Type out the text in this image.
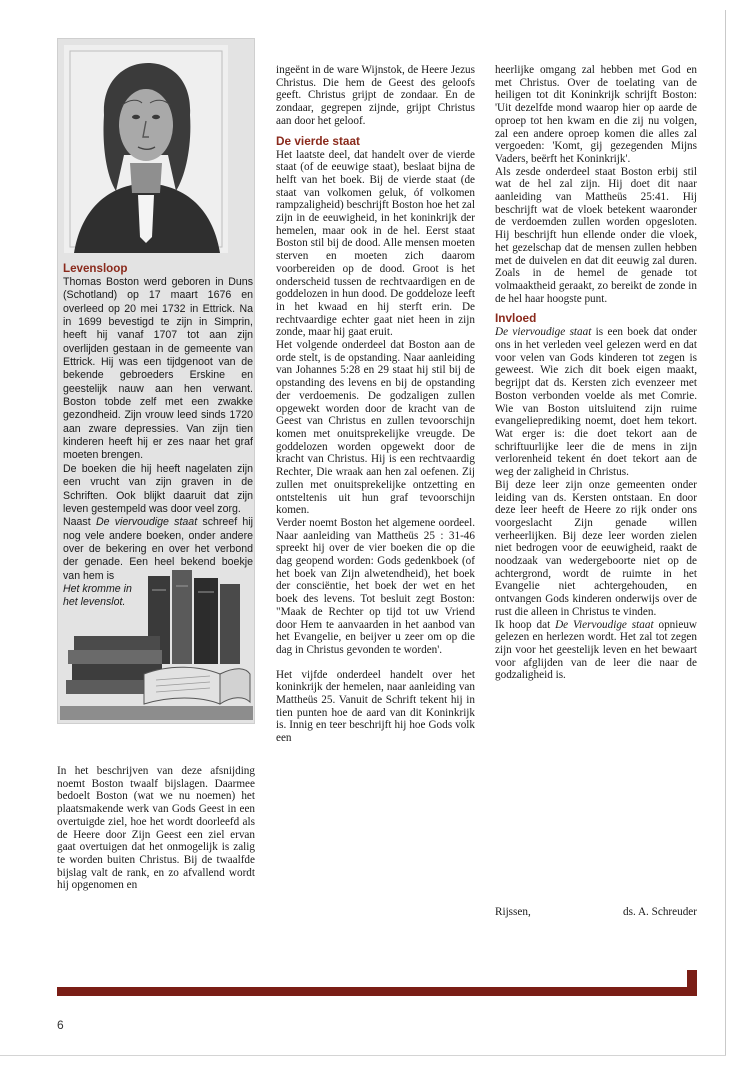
Levensloop

Thomas Boston werd geboren in Duns (Schotland) op 17 maart 1676 en overleed op 20 mei 1732 in Ettrick. Na in 1699 bevestigd te zijn in Simprin, heeft hij vanaf 1707 tot aan zijn overlijden gestaan in de gemeente van Ettrick. Hij was een tijdgenoot van de bekende gebroeders Erskine en geestelijk nauw aan hen verwant. Boston tobde zelf met een zwakke gezondheid. Zijn vrouw leed sinds 1720 aan zware depressies. Van zijn tien kinderen heeft hij er zes naar het graf moeten brengen.

De boeken die hij heeft nagelaten zijn een vrucht van zijn graven in de Schriften. Ook blijkt daaruit dat zijn leven gestempeld was door veel zorg.

Naast De viervoudige staat schreef hij nog vele andere boeken, onder andere over de bekering en over het verbond der genade. Een heel bekend boekje van hem is

Het kromme in

het levenslot.

In het beschrijven van deze afsnijding noemt Boston twaalf bijslagen. Daarmee bedoelt Boston (wat we nu noemen) het plaatsmakende werk van Gods Geest in een overtuigde ziel, hoe het wordt doorleefd als de Heere door Zijn Geest een ziel ervan gaat overtuigen dat het onmogelijk is zalig te worden buiten Christus. Bij de twaalfde bijslag valt de rank, en zo afvallend wordt hij opgenomen en

ingeënt in de ware Wijnstok, de Heere Jezus Christus. Die hem de Geest des geloofs geeft. Christus grijpt de zondaar. En de zondaar, gegrepen zijnde, grijpt Christus aan door het geloof.

De vierde staat

Het laatste deel, dat handelt over de vierde staat (of de eeuwige staat), beslaat bijna de helft van het boek. Bij de vierde staat (de staat van volkomen geluk, óf volkomen rampzaligheid) beschrijft Boston hoe het zal zijn in de eeuwigheid, in het koninkrijk der hemelen, maar ook in de hel. Eerst staat Boston stil bij de dood. Alle mensen moeten sterven en moeten zich daarom voorbereiden op de dood. Groot is het onderscheid tussen de rechtvaardigen en de goddelozen in hun dood. De goddeloze leeft in het kwaad en hij sterft erin. De rechtvaardige echter gaat niet heen in zijn zonde, maar hij gaat eruit.

Het volgende onderdeel dat Boston aan de orde stelt, is de opstanding. Naar aanleiding van Johannes 5:28 en 29 staat hij stil bij de opstanding des levens en bij de opstanding der verdoemenis. De godzaligen zullen opgewekt worden door de kracht van de Geest van Christus en zullen tevoorschijn komen met onuitsprekelijke vreugde. De goddelozen worden opgewekt door de kracht van Christus. Hij is een rechtvaardig Rechter, Die wraak aan hen zal oefenen. Zij zullen met onuitsprekelijke ontzetting en ontsteltenis uit hun graf tevoorschijn komen.

Verder noemt Boston het algemene oordeel. Naar aanleiding van Mattheüs 25 : 31-46 spreekt hij over de vier boeken die op die dag geopend worden: Gods gedenkboek (of het boek van Zijn alwetendheid), het boek der consciëntie, het boek der wet en het boek des levens. Tot besluit zegt Boston: "Maak de Rechter op tijd tot uw Vriend door Hem te aanvaarden in het aanbod van het Evangelie, en beijver u zeer om op die dag in Christus gevonden te worden'.

Het vijfde onderdeel handelt over het koninkrijk der hemelen, naar aanleiding van Mattheüs 25. Vanuit de Schrift tekent hij in tien punten hoe de aard van dit Koninkrijk is. Innig en teer beschrijft hij hoe Gods volk een

heerlijke omgang zal hebben met God en met Christus. Over de toelating van de heiligen tot dit Koninkrijk schrijft Boston: 'Uit dezelfde mond waarop hier op aarde de oproep tot hen kwam en die zij nu volgen, zal een andere oproep komen die alles zal vergoeden: 'Komt, gij gezegenden Mijns Vaders, beërft het Koninkrijk'.

Als zesde onderdeel staat Boston erbij stil wat de hel zal zijn. Hij doet dit naar aanleiding van Mattheüs 25:41. Hij beschrijft wat de vloek betekent waaronder de verdoemden zullen worden opgesloten. Hij beschrijft hun ellende onder die vloek, het gezelschap dat de mensen zullen hebben met de duivelen en dat dit eeuwig zal duren. Zoals in de hemel de genade tot volmaaktheid geraakt, zo bereikt de zonde in de hel haar hoogste punt.

Invloed

De viervoudige staat is een boek dat onder ons in het verleden veel gelezen werd en dat voor velen van Gods kinderen tot zegen is geweest. Wie zich dit boek eigen maakt, begrijpt dat ds. Kersten zich evenzeer met Boston verbonden voelde als met Comrie. Wie van Boston uitsluitend zijn ruime evangelieprediking noemt, doet hem tekort. Wat erger is: die doet tekort aan de schriftuurlijke leer die de mens in zijn verlorenheid tekent én doet tekort aan de weg der zaligheid in Christus.

Bij deze leer zijn onze gemeenten onder leiding van ds. Kersten ontstaan. En door deze leer heeft de Heere zo rijk onder ons voorgeslacht Zijn genade willen verheerlijken. Bij deze leer worden zielen niet bedrogen voor de eeuwigheid, raakt de noodzaak van wedergeboorte niet op de achtergrond, wordt de ruimte in het Evangelie niet achtergehouden, en ontvangen Gods kinderen onderwijs over de rust die alleen in Christus te vinden.

Ik hoop dat De Viervoudige staat opnieuw gelezen en herlezen wordt. Het zal tot zegen zijn voor het geestelijk leven en het bewaart voor afglijden van de leer die naar de godzaligheid is.

Rijssen,	ds. A. Schreuder
6
